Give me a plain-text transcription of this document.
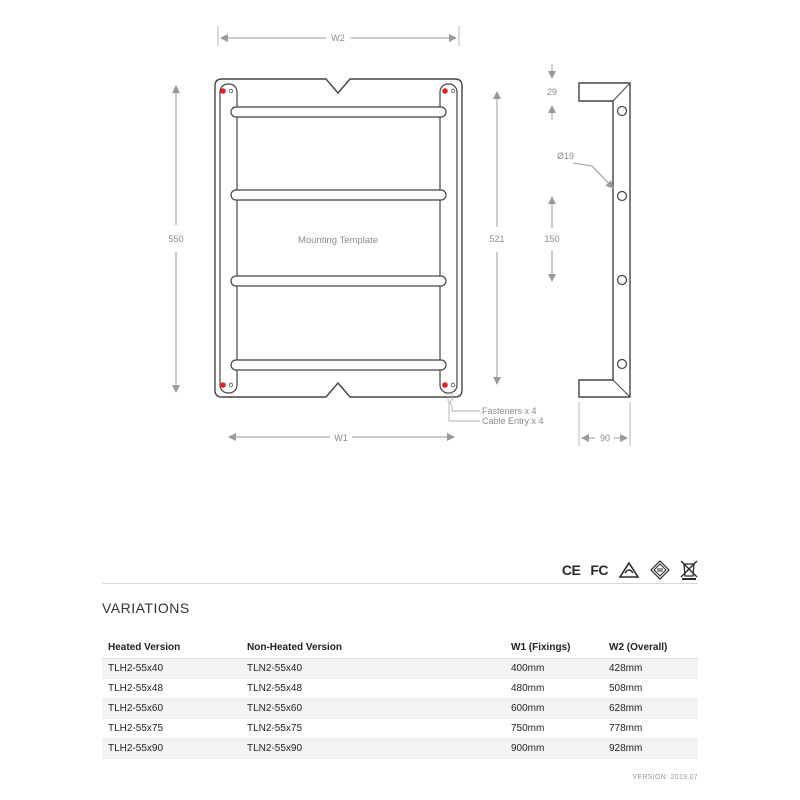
W2
550	Mounting Template
Fasteners x 4
Cable Entry x 4
W1
521
29
Ø19
150
90
CE FC
VARIATIONS
Heated Version	Non-Heated Version	W1 (Fixings)	W2 (Overall)
TLH2-55x40	TLN2-55x40	400mm	428mm
TLH2-55x48	TLN2-55x48	480mm	508mm
TLH2-55x60	TLN2-55x60	600mm	628mm
TLH2-55x75	TLN2-55x75	750mm	778mm
TLH2-55x90	TLN2-55x90	900mm	928mm
VERSION: 2019.07
